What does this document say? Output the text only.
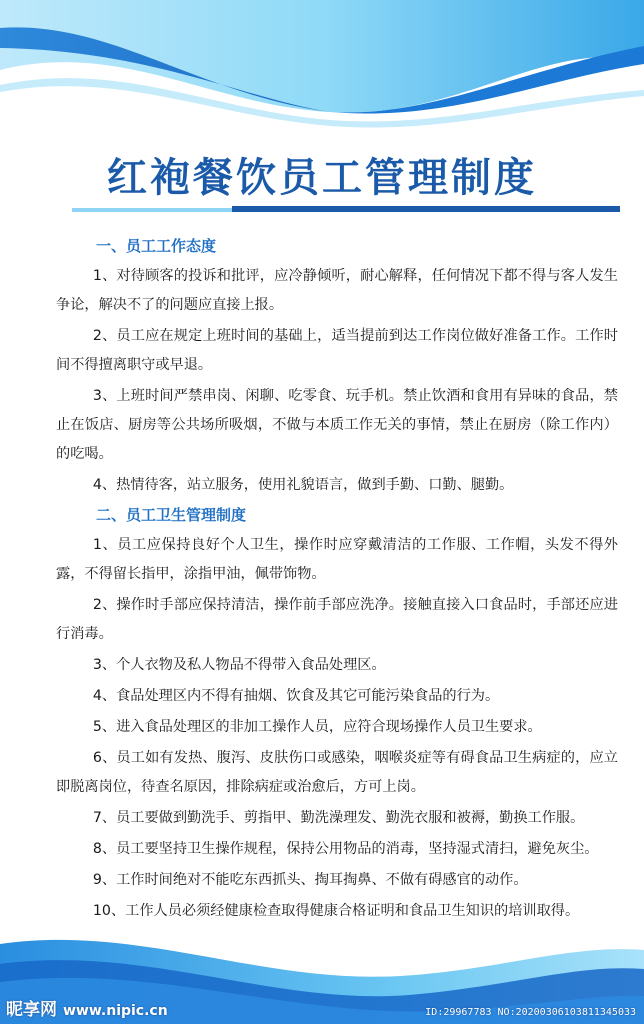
红袍餐饮员工管理制度
一、员工工作态度

1、对待顾客的投诉和批评，应冷静倾听，耐心解释，任何情况下都不得与客人发生争论，解决不了的问题应直接上报。

2、员工应在规定上班时间的基础上，适当提前到达工作岗位做好准备工作。工作时间不得擅离职守或早退。

3、上班时间严禁串岗、闲聊、吃零食、玩手机。禁止饮酒和食用有异味的食品，禁止在饭店、厨房等公共场所吸烟，不做与本质工作无关的事情，禁止在厨房（除工作内）的吃喝。

4、热情待客，站立服务，使用礼貌语言，做到手勤、口勤、腿勤。

二、员工卫生管理制度

1、员工应保持良好个人卫生，操作时应穿戴清洁的工作服、工作帽，头发不得外露，不得留长指甲，涂指甲油，佩带饰物。

2、操作时手部应保持清洁，操作前手部应洗净。接触直接入口食品时，手部还应进行消毒。

3、个人衣物及私人物品不得带入食品处理区。

4、食品处理区内不得有抽烟、饮食及其它可能污染食品的行为。

5、进入食品处理区的非加工操作人员，应符合现场操作人员卫生要求。

6、员工如有发热、腹泻、皮肤伤口或感染，咽喉炎症等有碍食品卫生病症的，应立即脱离岗位，待查名原因，排除病症或治愈后，方可上岗。

7、员工要做到勤洗手、剪指甲、勤洗澡理发、勤洗衣服和被褥，勤换工作服。

8、员工要坚持卫生操作规程，保持公用物品的消毒，坚持湿式清扫，避免灰尘。

9、工作时间绝对不能吃东西抓头、掏耳掏鼻、不做有碍感官的动作。

10、工作人员必须经健康检查取得健康合格证明和食品卫生知识的培训取得。

昵享网 www.nipic.cn	ID:29967783 NO:20200306103811345033
